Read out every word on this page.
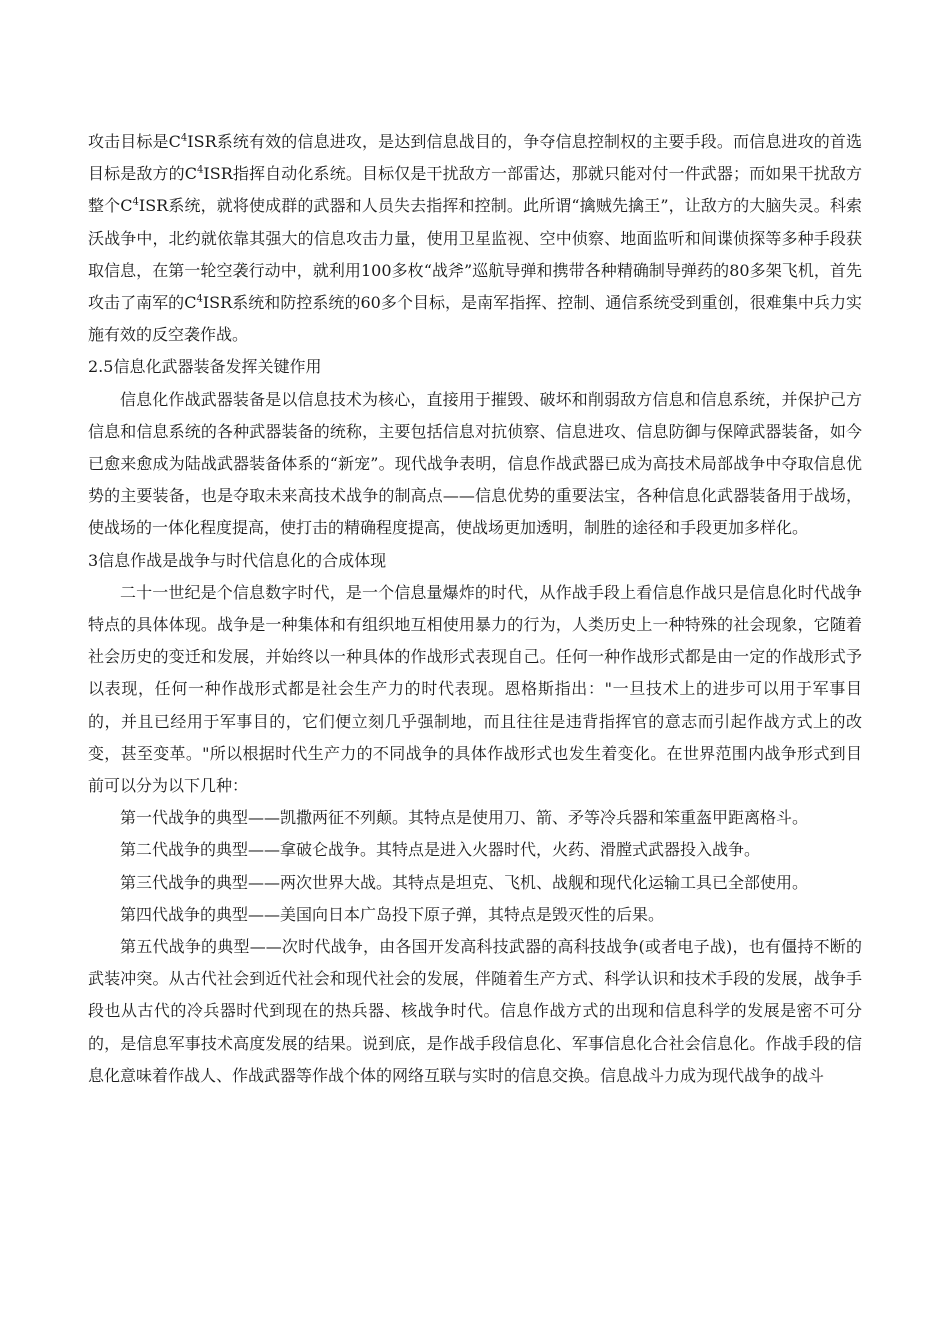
攻击目标是$C^4ISR$系统有效的信息进攻，是达到信息战目的，争夺信息控制权的主要手段。而信息进攻的首选目标是敌方的$C^4ISR$指挥自动化系统。目标仅是干扰敌方一部雷达，那就只能对付一件武器；而如果干扰敌方整个$C^4ISR$系统，就将使成群的武器和人员失去指挥和控制。此所谓“擒贼先擒王”，让敌方的大脑失灵。科索沃战争中，北约就依靠其强大的信息攻击力量，使用卫星监视、空中侦察、地面监听和间谍侦探等多种手段获取信息，在第一轮空袭行动中，就利用100多枚“战斧”巡航导弹和携带各种精确制导弹药的80多架飞机，首先攻击了南军的$C^4ISR$系统和防控系统的60多个目标，是南军指挥、控制、通信系统受到重创，很难集中兵力实施有效的反空袭作战。

2.5信息化武器装备发挥关键作用

信息化作战武器装备是以信息技术为核心，直接用于摧毁、破坏和削弱敌方信息和信息系统，并保护己方信息和信息系统的各种武器装备的统称，主要包括信息对抗侦察、信息进攻、信息防御与保障武器装备，如今已愈来愈成为陆战武器装备体系的“新宠”。现代战争表明，信息作战武器已成为高技术局部战争中夺取信息优势的主要装备，也是夺取未来高技术战争的制高点——信息优势的重要法宝，各种信息化武器装备用于战场，使战场的一体化程度提高，使打击的精确程度提高，使战场更加透明，制胜的途径和手段更加多样化。

3信息作战是战争与时代信息化的合成体现

二十一世纪是个信息数字时代，是一个信息量爆炸的时代，从作战手段上看信息作战只是信息化时代战争特点的具体体现。战争是一种集体和有组织地互相使用暴力的行为，人类历史上一种特殊的社会现象，它随着社会历史的变迁和发展，并始终以一种具体的作战形式表现自己。任何一种作战形式都是由一定的作战形式予以表现，任何一种作战形式都是社会生产力的时代表现。恩格斯指出："一旦技术上的进步可以用于军事目的，并且已经用于军事目的，它们便立刻几乎强制地，而且往往是违背指挥官的意志而引起作战方式上的改变，甚至变革。"所以根据时代生产力的不同战争的具体作战形式也发生着变化。在世界范围内战争形式到目前可以分为以下几种：

第一代战争的典型——凯撒两征不列颠。其特点是使用刀、箭、矛等冷兵器和笨重盔甲距离格斗。

第二代战争的典型——拿破仑战争。其特点是进入火器时代，火药、滑膛式武器投入战争。

第三代战争的典型——两次世界大战。其特点是坦克、飞机、战舰和现代化运输工具已全部使用。

第四代战争的典型——美国向日本广岛投下原子弹，其特点是毁灭性的后果。

第五代战争的典型——次时代战争，由各国开发高科技武器的高科技战争(或者电子战)，也有僵持不断的武装冲突。从古代社会到近代社会和现代社会的发展，伴随着生产方式、科学认识和技术手段的发展，战争手段也从古代的冷兵器时代到现在的热兵器、核战争时代。信息作战方式的出现和信息科学的发展是密不可分的，是信息军事技术高度发展的结果。说到底，是作战手段信息化、军事信息化合社会信息化。作战手段的信息化意味着作战人、作战武器等作战个体的网络互联与实时的信息交换。信息战斗力成为现代战争的战斗
